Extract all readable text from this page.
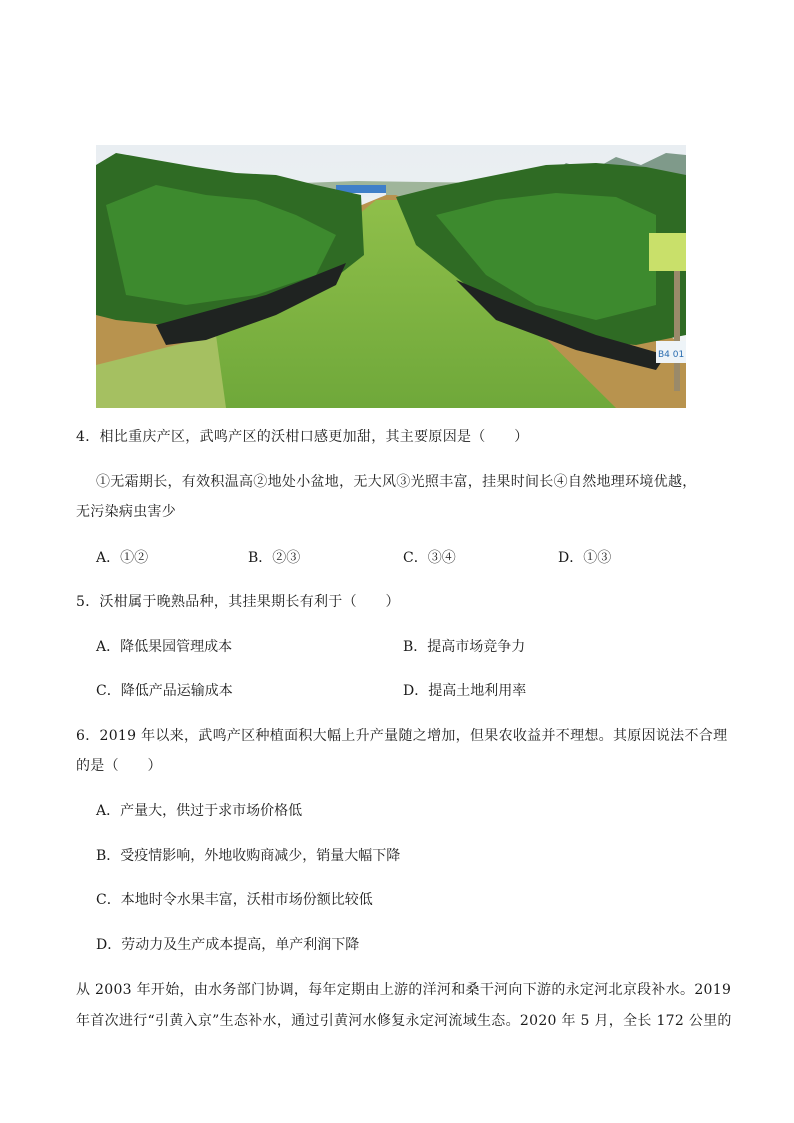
B4 01
4．相比重庆产区，武鸣产区的沃柑口感更加甜，其主要原因是（　　）
①无霜期长，有效积温高②地处小盆地，无大风③光照丰富，挂果时间长④自然地理环境优越，
无污染病虫害少
A．①②	B．②③	C．③④	D．①③
5．沃柑属于晚熟品种，其挂果期长有利于（　　）
A．降低果园管理成本	B．提高市场竞争力
C．降低产品运输成本	D．提高土地利用率
6．2019 年以来，武鸣产区种植面积大幅上升产量随之增加，但果农收益并不理想。其原因说法不合理
的是（　　）
A．产量大，供过于求市场价格低
B．受疫情影响，外地收购商减少，销量大幅下降
C．本地时令水果丰富，沃柑市场份额比较低
D．劳动力及生产成本提高，单产利润下降
从 2003 年开始，由水务部门协调，每年定期由上游的洋河和桑干河向下游的永定河北京段补水。2019
年首次进行“引黄入京”生态补水，通过引黄河水修复永定河流域生态。2020 年 5 月，全长 172 公里的
